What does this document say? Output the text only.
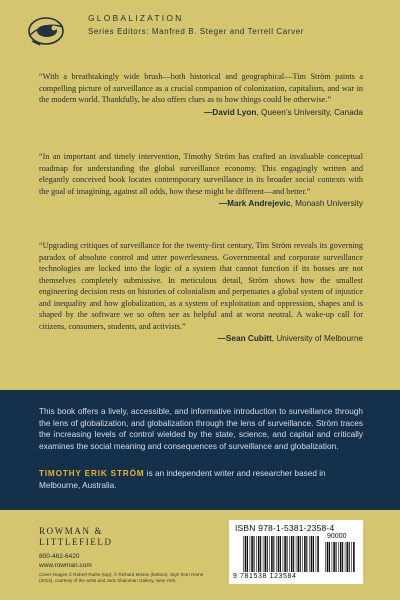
GLOBALIZATION
Series Editors: Manfred B. Steger and Terrell Carver

“With a breathtakingly wide brush—both historical and geographical—Tim Ström paints a compelling picture of surveillance as a crucial companion of colonization, capitalism, and war in the modern world. Thankfully, he also offers clues as to how things could be otherwise.”

—David Lyon, Queen’s University, Canada

“In an important and timely intervention, Timothy Ström has crafted an invaluable conceptual roadmap for understanding the global surveillance economy. This engagingly written and elegantly conceived book locates contemporary surveillance in its broader social contexts with the goal of imagining, against all odds, how these might be different—and better.”

—Mark Andrejevic, Monash University

“Upgrading critiques of surveillance for the twenty-first century, Tim Ström reveals its governing paradox of absolute control and utter powerlessness. Governmental and corporate surveillance technologies are locked into the logic of a system that cannot function if its bosses are not themselves completely submissive. In meticulous detail, Ström shows how the smallest engineering decision rests on histories of colonialism and perpetuates a global system of injustice and inequality and how globalization, as a system of exploitation and oppression, shapes and is shaped by the software we so often see as helpful and at worst neutral. A wake-up call for citizens, consumers, students, and activists.”

—Sean Cubitt, University of Melbourne

This book offers a lively, accessible, and informative introduction to surveillance through the lens of globalization, and globalization through the lens of surveillance. Ström traces the increasing levels of control wielded by the state, science, and capital and critically examines the social meaning and consequences of surveillance and globalization.

TIMOTHY ERIK STRÖM is an independent writer and researcher based in Melbourne, Australia.

ROWMAN &
LITTLEFIELD
800-462-6420
www.rowman.com
Cover images © Robert Rathe (top); © Richard Mosse (bottom). Sigh from Home (2012), courtesy of the artist and Jack Shainman Gallery, New York.
ISBN 978-1-5381-2358-4
90000
9 781538 123584
